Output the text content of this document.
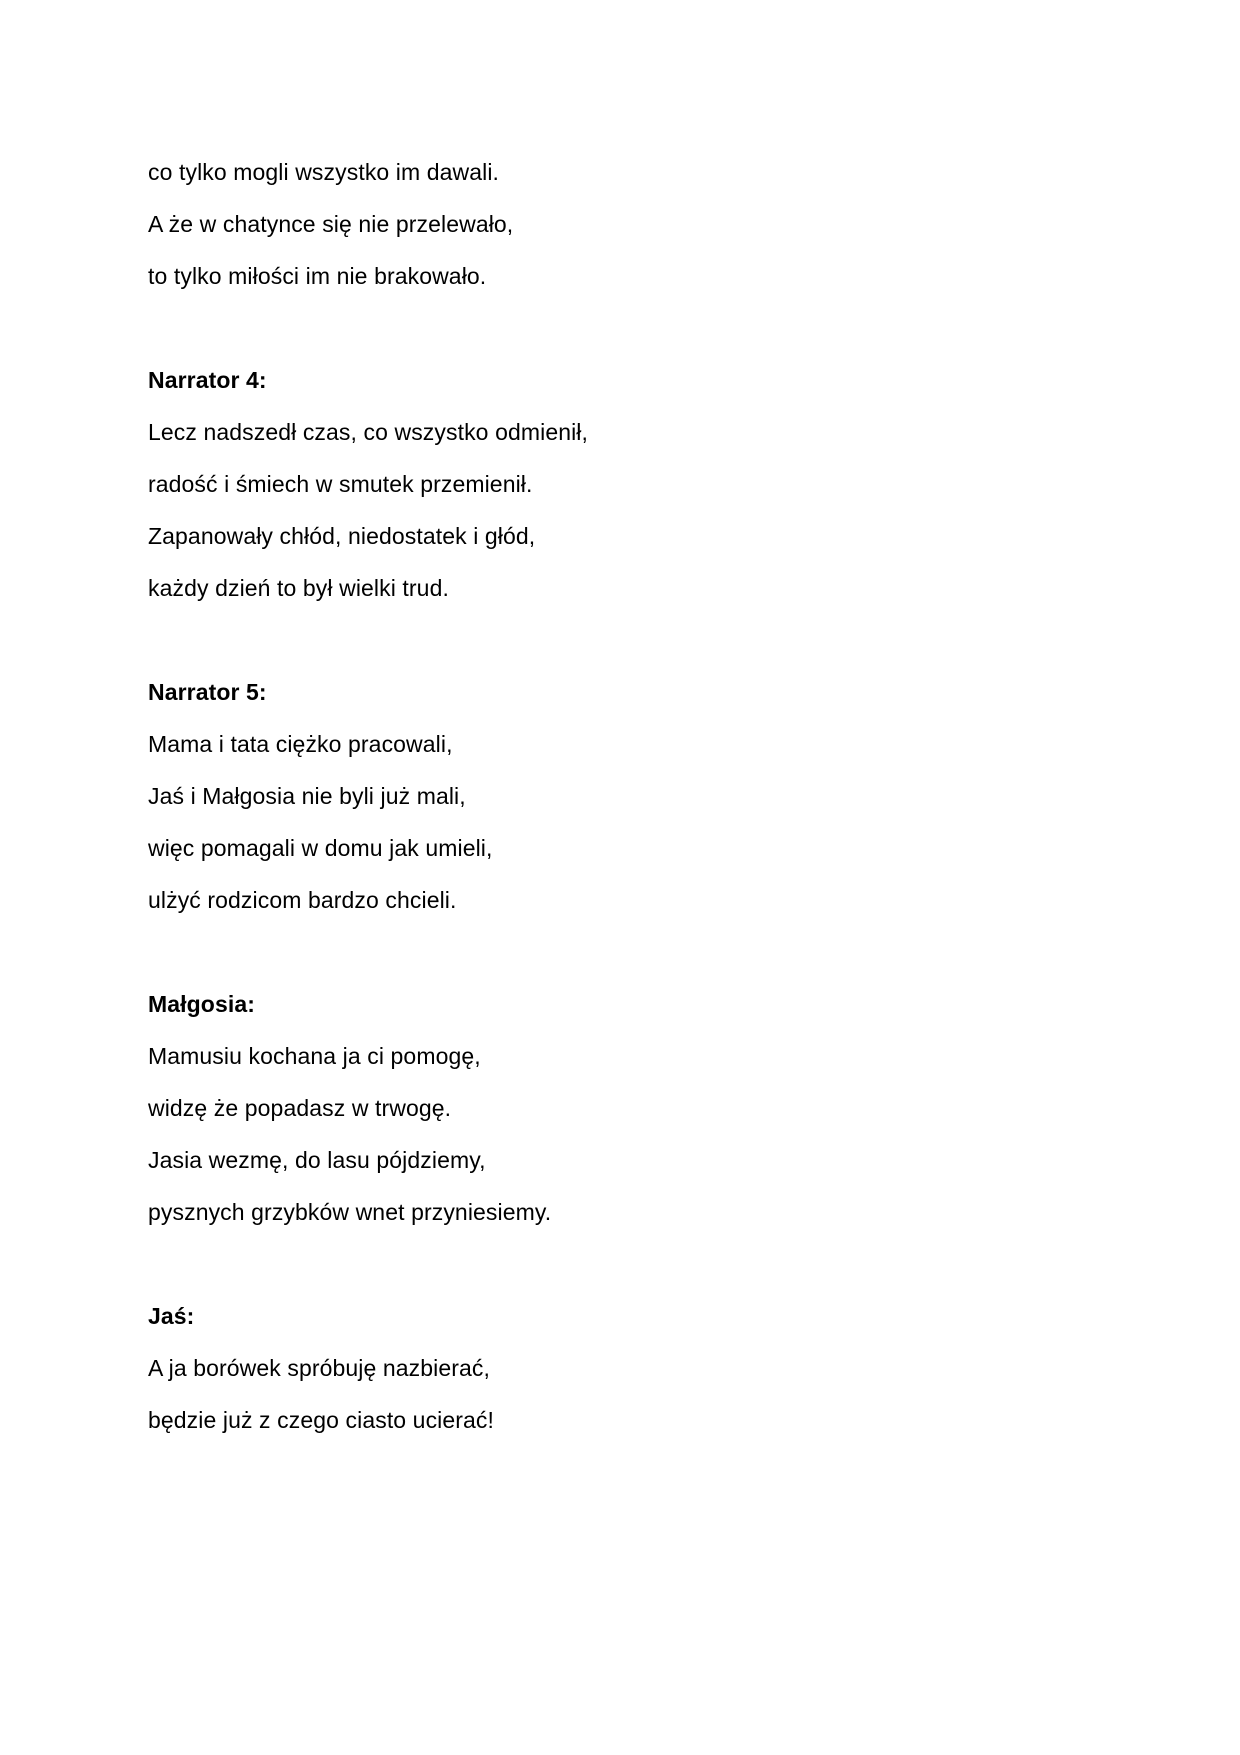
co tylko mogli wszystko im dawali.
A że w chatynce się nie przelewało,
to tylko miłości im nie brakowało.
Narrator 4:
Lecz nadszedł czas, co wszystko odmienił,
radość i śmiech w smutek przemienił.
Zapanowały chłód, niedostatek i głód,
każdy dzień to był wielki trud.
Narrator 5:
Mama i tata ciężko pracowali,
Jaś i Małgosia nie byli już mali,
więc pomagali w domu jak umieli,
ulżyć rodzicom bardzo chcieli.
Małgosia:
Mamusiu kochana ja ci pomogę,
widzę że popadasz w trwogę.
Jasia wezmę, do lasu pójdziemy,
pysznych grzybków wnet przyniesiemy.
Jaś:
A ja borówek spróbuję nazbierać,
będzie już z czego ciasto ucierać!
